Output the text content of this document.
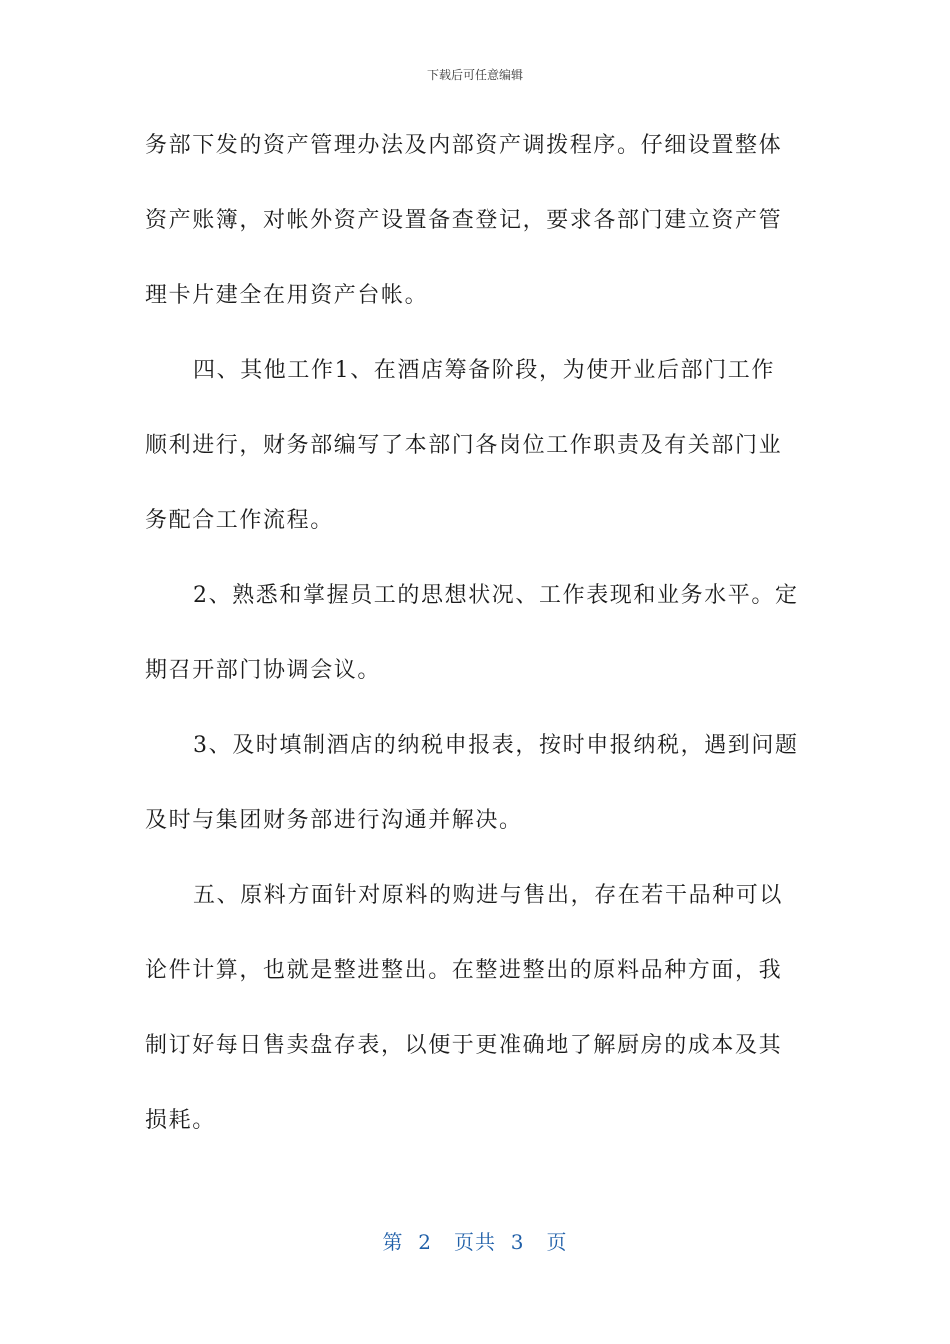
下载后可任意编辑
务部下发的资产管理办法及内部资产调拨程序。仔细设置整体
资产账簿，对帐外资产设置备查登记，要求各部门建立资产管
理卡片建全在用资产台帐。
四、其他工作1、在酒店筹备阶段，为使开业后部门工作
顺利进行，财务部编写了本部门各岗位工作职责及有关部门业
务配合工作流程。
2、熟悉和掌握员工的思想状况、工作表现和业务水平。定
期召开部门协调会议。
3、及时填制酒店的纳税申报表，按时申报纳税，遇到问题
及时与集团财务部进行沟通并解决。
五、原料方面针对原料的购进与售出，存在若干品种可以
论件计算，也就是整进整出。在整进整出的原料品种方面，我
制订好每日售卖盘存表，以便于更准确地了解厨房的成本及其
损耗。
第  2   页共  3   页
